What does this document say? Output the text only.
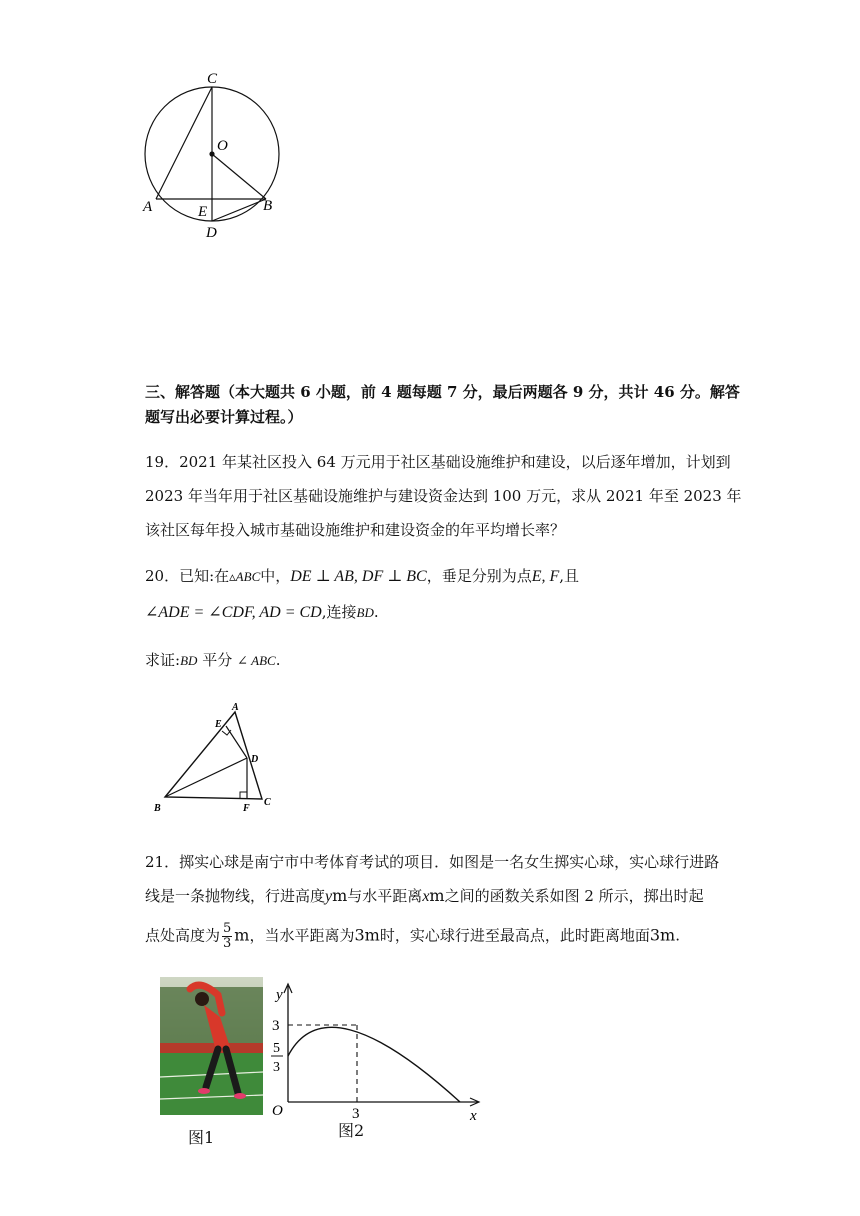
C
O
A	E	B
D
三、解答题（本大题共 6 小题，前 4 题每题 7 分，最后两题各 9 分，共计 46 分。解答
题写出必要计算过程。）
19．2021 年某社区投入 64 万元用于社区基础设施维护和建设，以后逐年增加，计划到
2023 年当年用于社区基础设施维护与建设资金达到 100 万元，求从 2021 年至 2023 年
该社区每年投入城市基础设施维护和建设资金的年平均增长率？
20．已知:在▵ABC中，DE ⊥ AB, DF ⊥ BC，垂足分别为点E, F,且
∠ADE = ∠CDF, AD = CD,连接BD.
求证:BD 平分 ∠ ABC.
A
E
D
B	F
C
21．掷实心球是南宁市中考体育考试的项目．如图是一名女生掷实心球，实心球行进路
线是一条抛物线，行进高度ym与水平距离xm之间的函数关系如图 2 所示，掷出时起
点处高度为 $\frac{5}{3}$ m，当水平距离为3m时，实心球行进至最高点，此时距离地面3m.
y
x
O
3
3
5
3
图1	图2
